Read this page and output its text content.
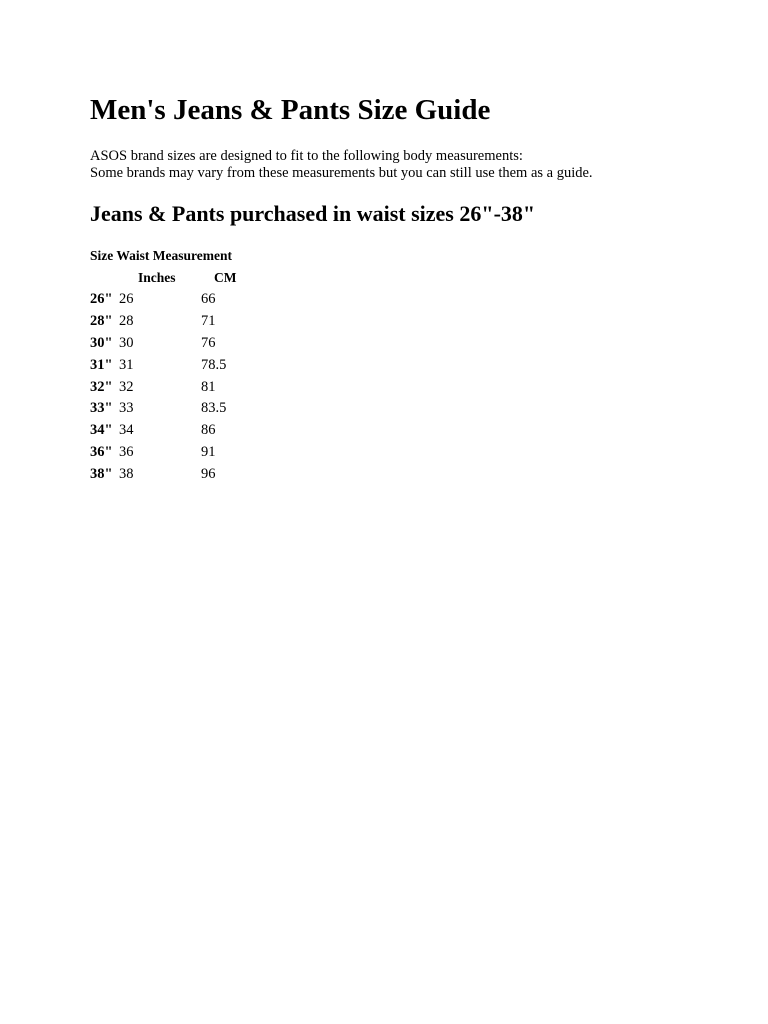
Men's Jeans & Pants Size Guide
ASOS brand sizes are designed to fit to the following body measurements:
Some brands may vary from these measurements but you can still use them as a guide.
Jeans & Pants purchased in waist sizes 26"-38"
Size Waist Measurement
Inches	CM
26" 26	66
28" 28	71
30" 30	76
31" 31	78.5
32" 32	81
33" 33	83.5
34" 34	86
36" 36	91
38" 38	96
